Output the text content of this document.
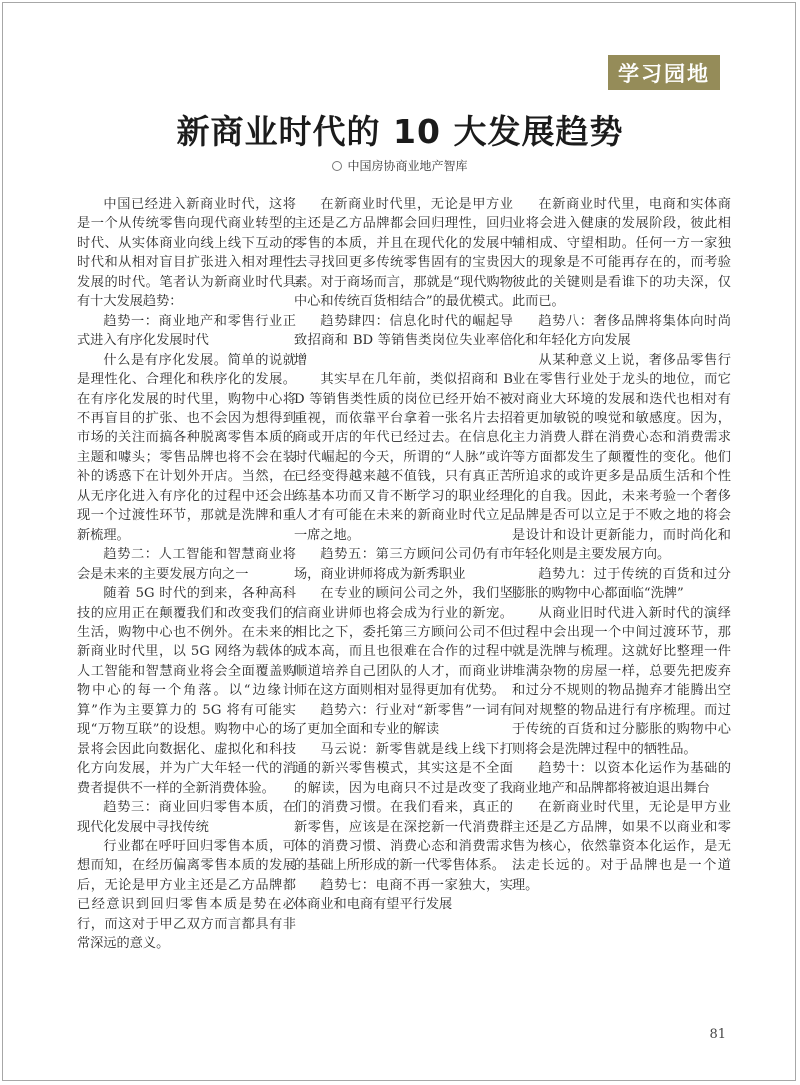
学习园地
新商业时代的 10 大发展趋势
中国房协商业地产智库

中国已经进入新商业时代，这将是一个从传统零售向现代商业转型的时代、从实体商业向线上线下互动的时代和从相对盲目扩张进入相对理性发展的时代。笔者认为新商业时代具有十大发展趋势：

趋势一：商业地产和零售行业正式进入有序化发展时代

什么是有序化发展。简单的说就是理性化、合理化和秩序化的发展。在有序化发展的时代里，购物中心将不再盲目的扩张、也不会因为想得到市场的关注而搞各种脱离零售本质的主题和噱头；零售品牌也将不会在装补的诱惑下在计划外开店。当然，在从无序化进入有序化的过程中还会出现一个过渡性环节，那就是洗牌和重新梳理。

趋势二：人工智能和智慧商业将会是未来的主要发展方向之一

随着 5G 时代的到来，各种高科技的应用正在颠覆我们和改变我们的生活，购物中心也不例外。在未来的新商业时代里，以 5G 网络为载体的人工智能和智慧商业将会全面覆盖购物中心的每一个角落。以“边缘计算”作为主要算力的 5G 将有可能实现“万物互联”的设想。购物中心的场景将会因此向数据化、虚拟化和科技化方向发展，并为广大年轻一代的消费者提供不一样的全新消费体验。

趋势三：商业回归零售本质，在现代化发展中寻找传统

行业都在呼吁回归零售本质，可想而知，在经历偏离零售本质的发展后，无论是甲方业主还是乙方品牌都已经意识到回归零售本质是势在必行，而这对于甲乙双方而言都具有非常深远的意义。

在新商业时代里，无论是甲方业主还是乙方品牌都会回归理性，回归零售的本质，并且在现代化的发展中去寻找回更多传统零售固有的宝贵因素。对于商场而言，那就是“现代购物中心和传统百货相结合”的最优模式。

趋势肆四：信息化时代的崛起导致招商和 BD 等销售类岗位失业率倍增

其实早在几年前，类似招商和 BD 等销售类性质的岗位已经开始不被重视，而依靠平台拿着一张名片去招商或开店的年代已经过去。在信息化时代崛起的今天，所谓的“人脉”或许已经变得越来越不值钱，只有真正苦练基本功而又肯不断学习的职业经理人才有可能在未来的新商业时代立足一席之地。

趋势五：第三方顾问公司仍有市场，商业讲师将成为新秀职业

在专业的顾问公司之外，我们坚信商业讲师也将会成为行业的新宠。相比之下，委托第三方顾问公司不但成本高，而且也很难在合作的过程中顺道培养自己团队的人才，而商业讲师在这方面则相对显得更加有优势。

趋势六：行业对“新零售”一词有了更加全面和专业的解读

马云说：新零售就是线上线下打通的新兴零售模式，其实这是不全面的解读，因为电商只不过是改变了我们的消费习惯。在我们看来，真正的新零售，应该是在深挖新一代消费群体的消费习惯、消费心态和消费需求的基础上所形成的新一代零售体系。

趋势七：电商不再一家独大，实体商业和电商有望平行发展

在新商业时代里，电商和实体商业将会进入健康的发展阶段，彼此相辅相成、守望相助。任何一方一家独大的现象是不可能再存在的，而考验彼此的关键则是看谁下的功夫深，仅此而已。

趋势八：奢侈品牌将集体向时尚化和年轻化方向发展

从某种意义上说，奢侈品零售行业在零售行业处于龙头的地位，而它对商业大环境的发展和迭代也相对有着更加敏锐的嗅觉和敏感度。因为，主力消费人群在消费心态和消费需求等方面都发生了颠覆性的变化。他们所追求的或许更多是品质生活和个性化的自我。因此，未来考验一个奢侈品牌是否可以立足于不败之地的将会是设计和设计更新能力，而时尚化和年轻化则是主要发展方向。

趋势九：过于传统的百货和过分膨胀的购物中心都面临“洗牌”

从商业旧时代进入新时代的演绎过程中会出现一个中间过渡环节，那就是洗牌与梳理。这就好比整理一件堆满杂物的房屋一样，总要先把废弃和过分不规则的物品抛弃才能腾出空间对规整的物品进行有序梳理。而过于传统的百货和过分膨胀的购物中心则将会是洗牌过程中的牺牲品。

趋势十：以资本化运作为基础的商业地产和品牌都将被迫退出舞台

在新商业时代里，无论是甲方业主还是乙方品牌，如果不以商业和零售为核心，依然靠资本化运作，是无法走长远的。对于品牌也是一个道理。

81
